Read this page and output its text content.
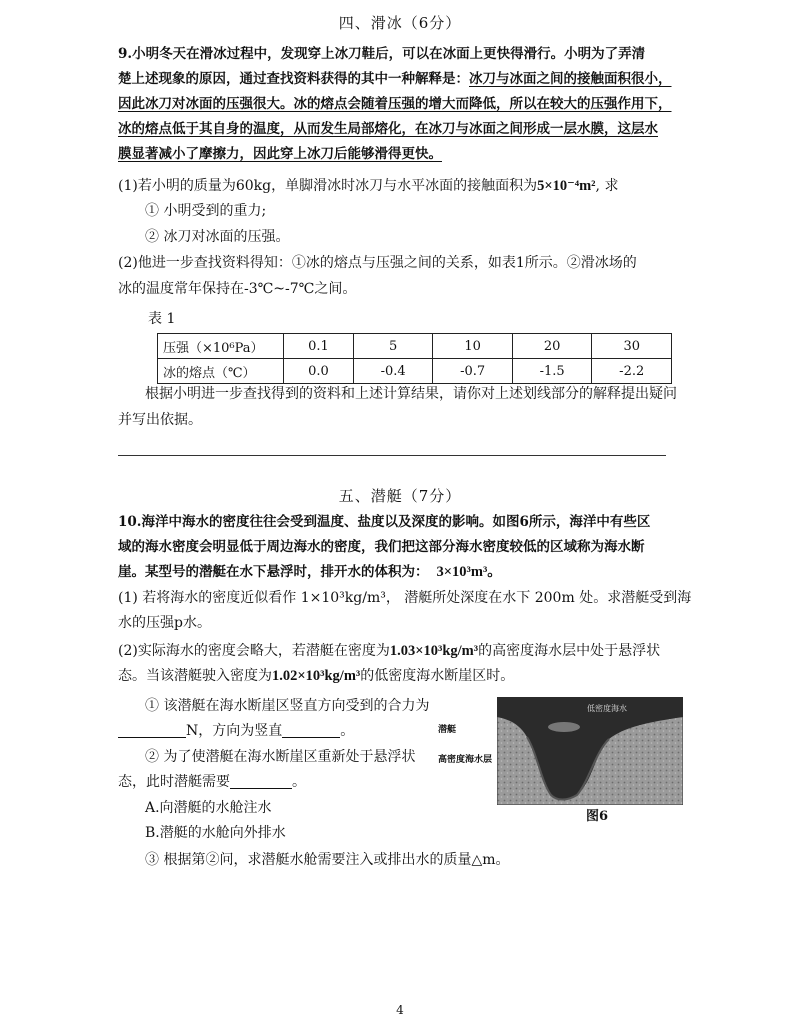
四、滑冰（6分）
9.小明冬天在滑冰过程中，发现穿上冰刀鞋后，可以在冰面上更快得滑行。小明为了弄清
楚上述现象的原因，通过查找资料获得的其中一种解释是：冰刀与冰面之间的接触面积很小，
因此冰刀对冰面的压强很大。冰的熔点会随着压强的增大而降低，所以在较大的压强作用下，
冰的熔点低于其自身的温度，从而发生局部熔化，在冰刀与冰面之间形成一层水膜，这层水
膜显著减小了摩擦力，因此穿上冰刀后能够滑得更快。
(1)若小明的质量为60kg，单脚滑冰时冰刀与水平冰面的接触面积为5×10⁻⁴m², 求
① 小明受到的重力;
② 冰刀对冰面的压强。
(2)他进一步查找资料得知：①冰的熔点与压强之间的关系，如表1所示。②滑冰场的
冰的温度常年保持在-3℃~-7℃之间。
表 1
压强（×10⁶Pa）	0.1	5	10	20	30
冰的熔点（℃）	0.0	-0.4	-0.7	-1.5	-2.2
根据小明进一步查找得到的资料和上述计算结果，请你对上述划线部分的解释提出疑问
并写出依据。
五、潜艇（7分）
10.海洋中海水的密度往往会受到温度、盐度以及深度的影响。如图6所示，海洋中有些区
域的海水密度会明显低于周边海水的密度，我们把这部分海水密度较低的区域称为海水断
崖。某型号的潜艇在水下悬浮时，排开水的体积为： 3×10³m³。
(1) 若将海水的密度近似看作 1×10³kg/m³， 潜艇所处深度在水下 200m 处。求潜艇受到海
水的压强p水。
(2)实际海水的密度会略大，若潜艇在密度为1.03×10³kg/m³的高密度海水层中处于悬浮状
态。当该潜艇驶入密度为1.02×10³kg/m³的低密度海水断崖区时。
① 该潜艇在海水断崖区竖直方向受到的合力为
N，方向为竖直	。
② 为了使潜艇在海水断崖区重新处于悬浮状
态，此时潜艇需要	。
A.向潜艇的水舱注水
B.潜艇的水舱向外排水
③ 根据第②问，求潜艇水舱需要注入或排出水的质量△m。
低密度海水
潜艇
高密度海水层
图6
4
